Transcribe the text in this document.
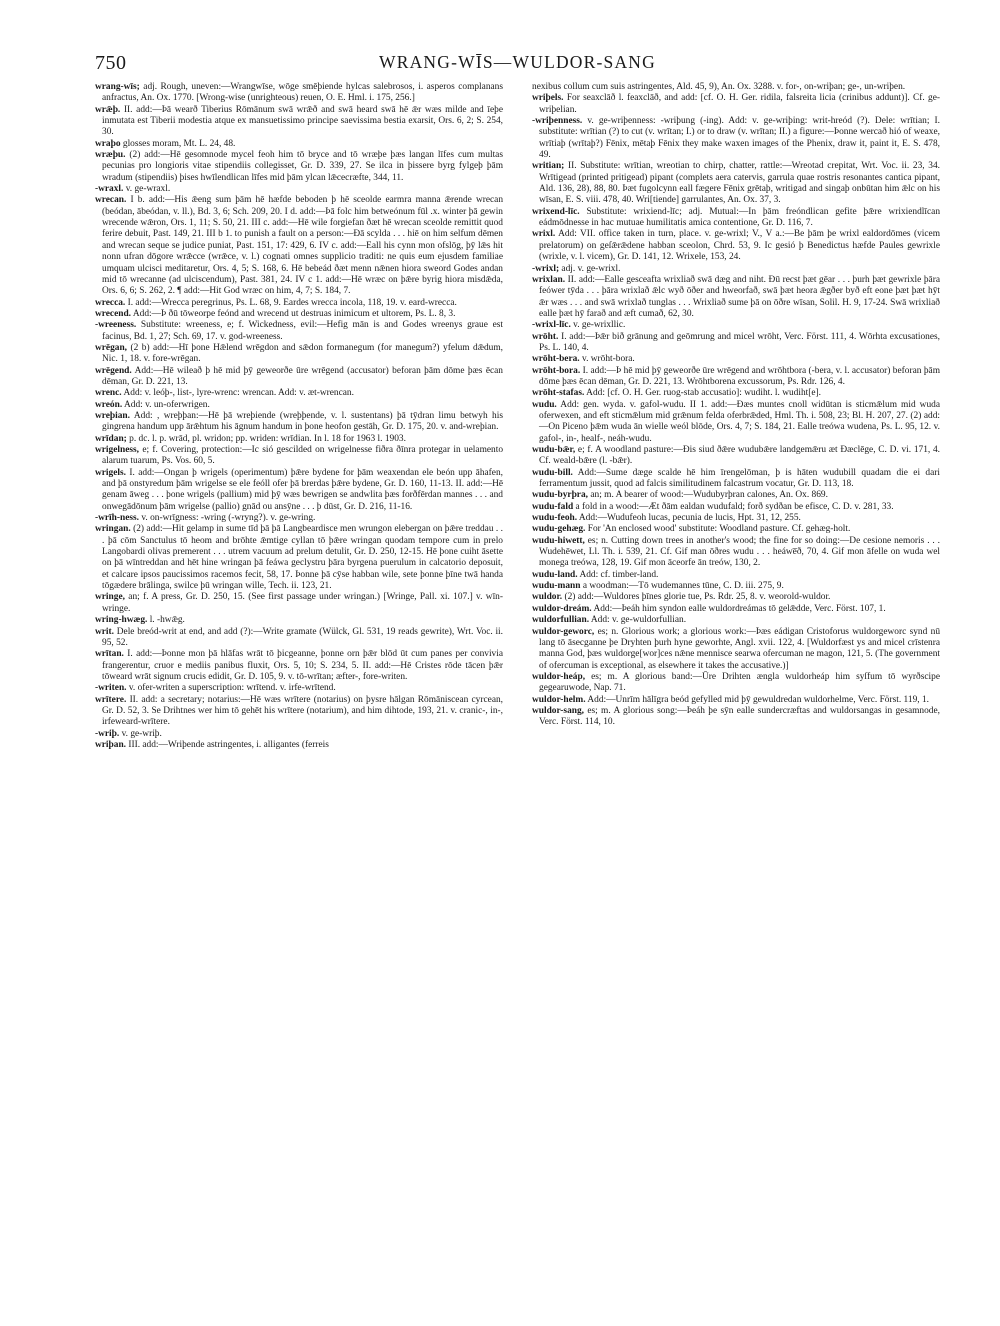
750	WRANG-WĪS—WULDOR-SANG

wrang-wīs; adj. Rough, uneven:—Wrangwīse, wōge smēþiende hylcas salebrosos, i. asperos complanans anfractus, An. Ox. 1770. [Wrong-wise (unrighteous) reuen, O. E. Hml. i. 175, 256.]

wrǣþ. II. add:—Þā wearð Tiberius Rōmānum swā wrǣð and swā heard swā hē ǣr wæs milde and īeþe inmutata est Tiberii modestia atque ex mansuetissimo principe saevissima bestia exarsit, Ors. 6, 2; S. 254, 30.

wraþo glosses moram, Mt. L. 24, 48.

wræþu. (2) add:—Hē gesomnode mycel feoh him tō bryce and tō wræþe þæs langan līfes cum multas pecunias pro longioris vitae stipendiis collegisset, Gr. D. 339, 27. Se ilca in þissere byrg fylgeþ þām wradum (stipendiis) þises hwīlendlican līfes mid þām ylcan lǣcecræfte, 344, 11.

-wraxl. v. ge-wraxl.

wrecan. I b. add:—His ǣeng sum þām hē hæfde beboden þ hē sceolde earmra manna ǣrende wrecan (beódan, ābeódan, v. ll.), Bd. 3, 6; Sch. 209, 20. I d. add:—Þā folc him betweónum fūl .x. winter þā gewin wrecende wǣron, Ors. 1, 11; S. 50, 21. III c. add:—Hē wile forgiefan ðæt hē wrecan sceolde remittit quod ferire debuit, Past. 149, 21. III b 1. to punish a fault on a person:—Ðā scylda . . . hiē on him selfum dēmen and wrecan seque se judice puniat, Past. 151, 17: 429, 6. IV c. add:—Eall his cynn mon ofslōg, þȳ lǣs hit nonn ufran dōgore wrǣcce (wrǣce, v. l.) cognati omnes supplicio traditi: ne quis eum ejusdem familiae umquam ulcisci meditaretur, Ors. 4, 5; S. 168, 6. Hē bebeád ðæt menn nǣnen hiora sweord Godes andan mid tō wrecanne (ad ulciscendum), Past. 381, 24. IV c 1. add:—Hē wræc on þǣre byrig hiora misdǣda, Ors. 6, 6; S. 262, 2. ¶ add:—Hit God wræc on him, 4, 7; S. 184, 7.

wrecca. I. add:—Wrecca peregrinus, Ps. L. 68, 9. Eardes wrecca incola, 118, 19. v. eard-wrecca.

wrecend. Add:—Þ ðū tōweorpe feónd and wrecend ut destruas inimicum et ultorem, Ps. L. 8, 3.

-wreeness. Substitute: wreeness, e; f. Wickedness, evil:—Hefig mān is and Godes wreenys graue est facinus, Bd. 1, 27; Sch. 69, 17. v. god-wreeness.

wrēgan, (2 b) add:—Hī þone Hǣlend wrēgdon and sǣdon formanegum (for manegum?) yfelum dǣdum, Nic. 1, 18. v. fore-wrēgan.

wrēgend. Add:—Hē wileað þ hē mid þȳ geweorðe ūre wrēgend (accusator) beforan þām dōme þæs ēcan dēman, Gr. D. 221, 13.

wrenc. Add: v. leóþ-, list-, lyre-wrenc: wrencan. Add: v. æt-wrencan.

wreón. Add: v. un-oferwrigen.

wreþian. Add: , wreþþan:—Hē þā wreþiende (wreþþende, v. l. sustentans) þā tȳdran limu betwyh his gingrena handum upp ārǣhtum his āgnum handum in þone heofon gestāh, Gr. D. 175, 20. v. and-wreþian.

wrīdan; p. dc. l. p. wrād, pl. wridon; pp. wriden: wrīdian. In l. 18 for 1963 l. 1903.

wrigelness, e; f. Covering, protection:—Ic sió gescilded on wrigelnesse fiðra ðīnra protegar in uelamento alarum tuarum, Ps. Vos. 60, 5.

wrigels. I. add:—Ongan þ wrigels (operimentum) þǣre bydene for þām weaxendan ele beón upp āhafen, and þā onstyredum þām wrigelse se ele feóll ofer þā brerdas þǣre bydene, Gr. D. 160, 11-13. II. add:—Hē genam āweg . . . þone wrigels (pallium) mid þȳ wæs bewrigen se andwlita þæs forðfērdan mannes . . . and onwegādōnum þām wrigelse (pallio) gnād ou ansȳne . . . þ dūst, Gr. D. 216, 11-16.

-wrīh-ness. v. on-wrīgness: -wring (-wryng?). v. ge-wring.

wringan. (2) add:—Hit gelamp in sume tīd þā þā Langbeardisce men wrungon elebergan on þǣre treddau . . . þā cōm Sanctulus tō heom and brōhte ǣmtige cyllan tō þǣre wringan quodam tempore cum in prelo Langobardi olivas premerent . . . utrem vacuum ad prelum detulit, Gr. D. 250, 12-15. Hē þone cuiht āsette on þā wīntreddan and hēt hine wringan þā feáwa geclystru þāra byrgena puerulum in calcatorio deposuit, et calcare ipsos paucissimos racemos fecit, 58, 17. Þonne þā cȳse habban wile, sete þonne þīne twā handa tōgædere brālinga, swilce þū wringan wille, Tech. ii. 123, 21.

wringe, an; f. A press, Gr. D. 250, 15. (See first passage under wringan.) [Wringe, Pall. xi. 107.] v. wīn-wringe.

wring-hwæg. l. -hwǣg.

writ. Dele breód-writ at end, and add (?):—Write gramate (Wülck, Gl. 531, 19 reads gewrite), Wrt. Voc. ii. 95, 52.

wrītan. I. add:—Þonne mon þā hlāfas wrāt tō þicgeanne, þonne orn þǣr blōd ūt cum panes per convivia frangerentur, cruor e mediis panibus fluxit, Ors. 5, 10; S. 234, 5. II. add:—Hē Cristes rōde tācen þǣr tōweard wrāt signum crucis edidit, Gr. D. 105, 9. v. tō-wrītan; æfter-, fore-writen.

-writen. v. ofer-writen a superscription: wrītend. v. irfe-wrītend.

wrītere. II. add: a secretary; notarius:—Hē wæs wrītere (notarius) on þysre hālgan Rōmāniscean cyrcean, Gr. D. 52, 3. Se Drihtnes wer him tō gehēt his wrītere (notarium), and him dihtode, 193, 21. v. cranic-, in-, irfeweard-wrītere.

-wriþ. v. ge-wriþ.

wriþan. III. add:—Wriþende astringentes, i. alligantes (ferreis

nexibus collum cum suis astringentes, Ald. 45, 9), An. Ox. 3288. v. for-, on-wriþan; ge-, un-wriþen.

wriþels. For seaxclāð l. feaxclāð, and add: [cf. O. H. Ger. ridila, falsreita licia (crinibus addunt)]. Cf. ge-wriþelian.

-wriþenness. v. ge-wriþenness: -wriþung (-ing). Add: v. ge-wriþing: writ-hreód (?). Dele: wrītian; I. substitute: wrītian (?) to cut (v. wrītan; I.) or to draw (v. wrītan; II.) a figure:—Þonne wercað hió of weaxe, wrītiaþ (wrītaþ?) Fēnix, mētaþ Fēnix they make waxen images of the Phenix, draw it, paint it, E. S. 478, 49.

writian; II. Substitute: wrītian, wreotian to chirp, chatter, rattle:—Wreotad crepitat, Wrt. Voc. ii. 23, 34. Wrītigead (printed pritigead) pipant (complets aera catervis, garrula quae rostris resonantes cantica pipant, Ald. 136, 28), 88, 80. Þæt fugolcynn eall fægere Fēnix grētaþ, writigad and singaþ onbūtan him ǣlc on his wīsan, E. S. viii. 478, 40. Wri[tiende] garrulantes, An. Ox. 37, 3.

wrixend-līc. Substitute: wrixiend-līc; adj. Mutual:—In þām freóndlican gefite þǣre wrixiendlīcan eádmōdnesse in hac mutuae humilitatis amica contentione, Gr. D. 116, 7.

wrixl. Add: VII. office taken in turn, place. v. ge-wrixl; V., V a.:—Be þām þe wrixl ealdordōmes (vicem prelatorum) on geſǣrǣdene habban sceolon, Chrd. 53, 9. Ic gesió þ Benedictus hæfde Paules gewrixle (wrixle, v. l. vicem), Gr. D. 141, 12. Wrixele, 153, 24.

-wrixl; adj. v. ge-wrixl.

wrixlan. II. add:—Ealle gesceafta wrixliað swā dæg and niht. Ðū recst þæt gēar . . . þurh þæt gewrixle þāra feówer tȳda . . . þāra wrixlað ǣlc wyð ōðer and hweorfað, swā þæt heora ǣgðer byð eft eone þæt þæt hȳt ǣr wæs . . . and swā wrixlað tunglas . . . Wrixliað sume þā on ōðre wīsan, Solil. H. 9, 17-24. Swā wrixliað ealle þæt hȳ farað and æft cumað, 62, 30.

-wrixl-līc. v. ge-wrixllic.

wrōht. I. add:—Þǣr bið grānung and geōmrung and micel wrōht, Verc. Först. 111, 4. Wōrhta excusationes, Ps. L. 140, 4.

wrōht-bera. v. wrōht-bora.

wrōht-bora. I. add:—Þ hē mid þȳ geweorðe ūre wrēgend and wrōhtbora (-bera, v. l. accusator) beforan þām dōme þæs ēcan dēman, Gr. D. 221, 13. Wrōhtborena excussorum, Ps. Rdr. 126, 4.

wrōht-stafas. Add: [cf. O. H. Ger. ruog-stab accusatio]: wudiht. l. wudiht[e].

wudu. Add: gen. wyda. v. gafol-wudu. II 1. add:—Ðæs muntes cnoll widūtan is sticmǣlum mid wuda oferwexen, and eft sticmǣlum mid grǣnum felda oferbrǣded, Hml. Th. i. 508, 23; Bl. H. 207, 27. (2) add:—On Piceno þǣm wuda ān wielle weól blōde, Ors. 4, 7; S. 184, 21. Ealle treówa wudena, Ps. L. 95, 12. v. gafol-, in-, healf-, neáh-wudu.

wudu-bǣr, e; f. A woodland pasture:—Ðis siud ðǣre wudubǣre landgemǣru æt Ðæclēge, C. D. vi. 171, 4. Cf. weald-bǣre (l. -bǣr).

wudu-bill. Add:—Sume dæge scalde hē him īrengelōman, þ is hāten wudubill quadam die ei dari ferramentum jussit, quod ad falcis similitudinem falcastrum vocatur, Gr. D. 113, 18.

wudu-byrþra, an; m. A bearer of wood:—Wudubyrþran calones, An. Ox. 869.

wudu-fald a fold in a wood:—Æt ðām ealdan wudufald; forð sydðan be efisce, C. D. v. 281, 33.

wudu-feoh. Add:—Wudufeoh lucas, pecunia de lucis, Hpt. 31, 12, 255.

wudu-gehæg. For 'An enclosed wood' substitute: Woodland pasture. Cf. gehæg-holt.

wudu-hiwett, es; n. Cutting down trees in another's wood; the fine for so doing:—De cesione nemoris . . . Wudehēwet, Ll. Th. i. 539, 21. Cf. Gif man ōðres wudu . . . heáwe̅ð, 70, 4. Gif mon āfelle on wuda wel monega treówa, 128, 19. Gif mon āceorfe ān treów, 130, 2.

wudu-land. Add: cf. timber-land.

wudu-mann a woodman:—Tō wudemannes tūne, C. D. iii. 275, 9.

wuldor. (2) add:—Wuldores þīnes glorie tue, Ps. Rdr. 25, 8. v. weorold-wuldor.

wuldor-dreám. Add:—Þeáh him syndon ealle wuldordreámas tō gelǣdde, Verc. Först. 107, 1.

wuldorfullian. Add: v. ge-wuldorfullian.

wuldor-geworc, es; n. Glorious work; a glorious work:—Þæs eádigan Cristoforus wuldorgeworc synd nū lang tō āsecganne þe Dryhten þurh hyne geworhte, Angl. xvii. 122, 4. [Wuldorfæst ys and micel crīstenra manna God, þæs wuldorge[wor]ces nǣne mennisce searwa ofercuman ne magon, 121, 5. (The government of ofercuman is exceptional, as elsewhere it takes the accusative.)]

wuldor-heáp, es; m. A glorious band:—Ūre Drihten ængla wuldorheáp him syſfum tō wyrðscipe gegearuwode, Nap. 71.

wuldor-helm. Add:—Unrīm hālīgra beód gefylled mid þȳ gewuldredan wuldorhelme, Verc. Först. 119, 1.

wuldor-sang, es; m. A glorious song:—Þeáh þe sȳn ealle sundercræftas and wuldorsangas in gesamnode, Verc. Först. 114, 10.
